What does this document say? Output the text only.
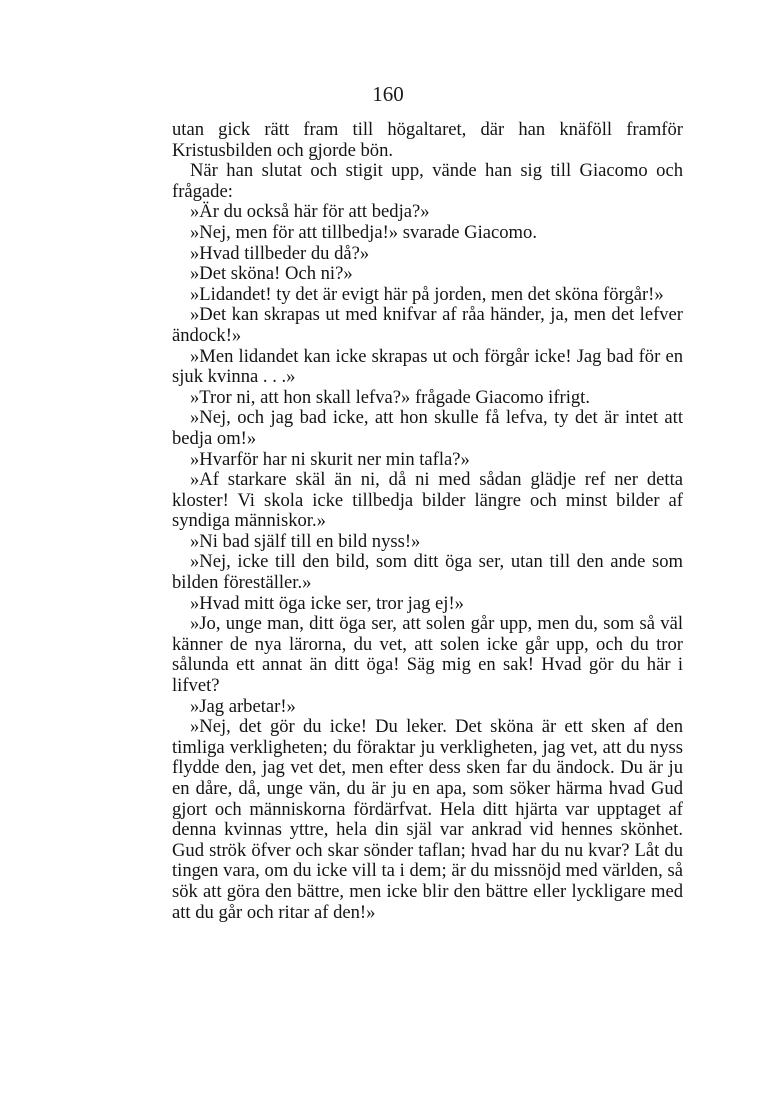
160

utan gick rätt fram till högaltaret, där han knäföll framför Kristusbilden och gjorde bön.

När han slutat och stigit upp, vände han sig till Giacomo och frågade:

»Är du också här för att bedja?»

»Nej, men för att tillbedja!» svarade Giacomo.

»Hvad tillbeder du då?»

»Det sköna! Och ni?»

»Lidandet! ty det är evigt här på jorden, men det sköna förgår!»

»Det kan skrapas ut med knifvar af råa händer, ja, men det lefver ändock!»

»Men lidandet kan icke skrapas ut och förgår icke! Jag bad för en sjuk kvinna . . .»

»Tror ni, att hon skall lefva?» frågade Giacomo ifrigt.

»Nej, och jag bad icke, att hon skulle få lefva, ty det är intet att bedja om!»

»Hvarför har ni skurit ner min tafla?»

»Af starkare skäl än ni, då ni med sådan glädje ref ner detta kloster! Vi skola icke tillbedja bilder längre och minst bilder af syndiga människor.»

»Ni bad själf till en bild nyss!»

»Nej, icke till den bild, som ditt öga ser, utan till den ande som bilden föreställer.»

»Hvad mitt öga icke ser, tror jag ej!»

»Jo, unge man, ditt öga ser, att solen går upp, men du, som så väl känner de nya lärorna, du vet, att solen icke går upp, och du tror sålunda ett annat än ditt öga! Säg mig en sak! Hvad gör du här i lifvet?

»Jag arbetar!»

»Nej, det gör du icke! Du leker. Det sköna är ett sken af den timliga verkligheten; du föraktar ju verkligheten, jag vet, att du nyss flydde den, jag vet det, men efter dess sken far du ändock. Du är ju en dåre, då, unge vän, du är ju en apa, som söker härma hvad Gud gjort och människorna fördärfvat. Hela ditt hjärta var upptaget af denna kvinnas yttre, hela din själ var ankrad vid hennes skönhet. Gud strök öfver och skar sönder taflan; hvad har du nu kvar? Låt du tingen vara, om du icke vill ta i dem; är du missnöjd med världen, så sök att göra den bättre, men icke blir den bättre eller lyckligare med att du går och ritar af den!»
